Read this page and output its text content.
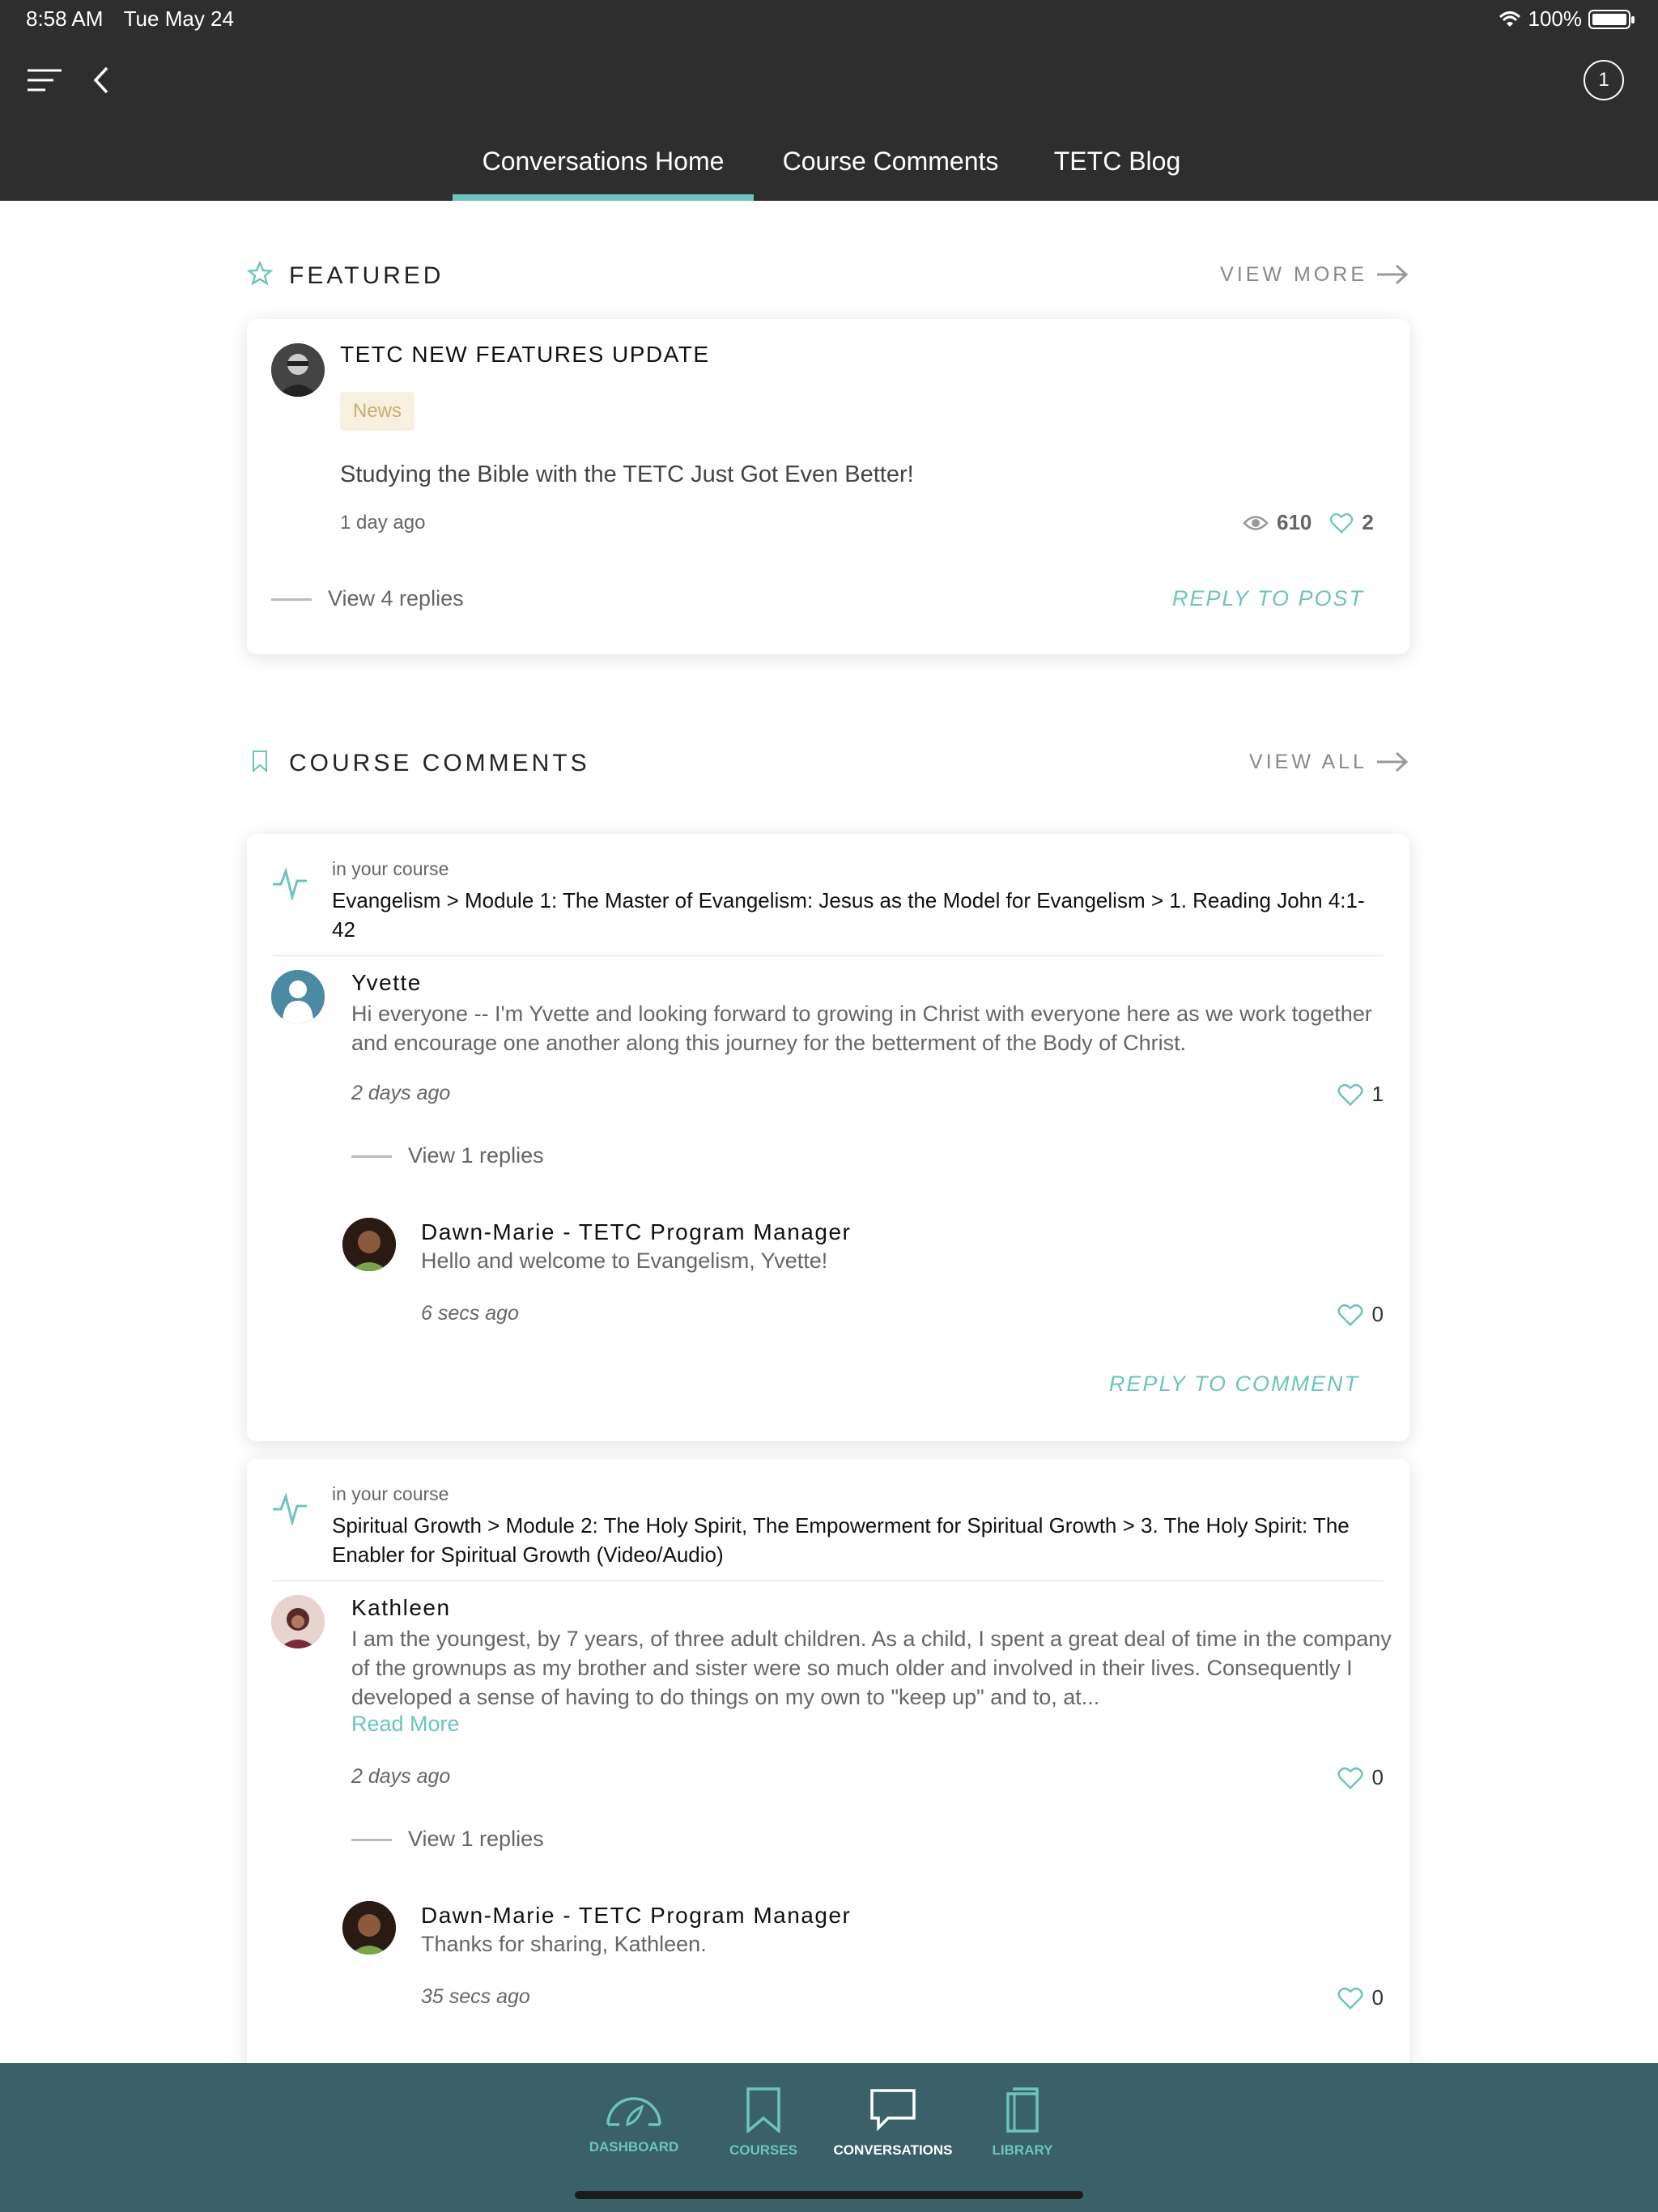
8:58 AM Tue May 24	100%
1
Conversations Home	Course Comments	TETC Blog
FEATURED	VIEW MORE
TETC NEW FEATURES UPDATE
News
Studying the Bible with the TETC Just Got Even Better!
1 day ago	610 2
View 4 replies	REPLY TO POST
COURSE COMMENTS	VIEW ALL
in your course
Evangelism > Module 1: The Master of Evangelism: Jesus as the Model for Evangelism > 1. Reading John 4:1-42
Yvette
Hi everyone -- I'm Yvette and looking forward to growing in Christ with everyone here as we work together and encourage one another along this journey for the betterment of the Body of Christ.
2 days ago	1
View 1 replies
Dawn-Marie - TETC Program Manager
Hello and welcome to Evangelism, Yvette!
6 secs ago	0
REPLY TO COMMENT
in your course
Spiritual Growth > Module 2: The Holy Spirit, The Empowerment for Spiritual Growth > 3. The Holy Spirit: The Enabler for Spiritual Growth (Video/Audio)
Kathleen
I am the youngest, by 7 years, of three adult children. As a child, I spent a great deal of time in the company of the grownups as my brother and sister were so much older and involved in their lives. Consequently I developed a sense of having to do things on my own to "keep up" and to, at...
Read More
2 days ago	0
View 1 replies
Dawn-Marie - TETC Program Manager
Thanks for sharing, Kathleen.
35 secs ago	0
DASHBOARD	COURSES	CONVERSATIONS	LIBRARY
